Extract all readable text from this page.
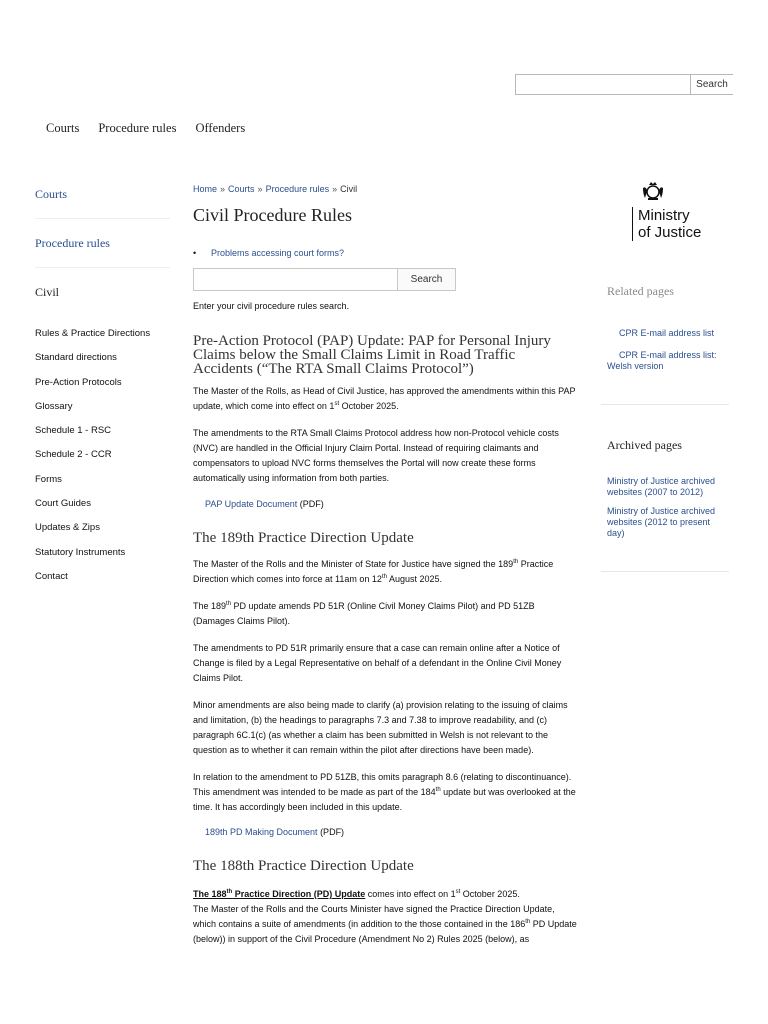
Search
Courts Procedure rules Offenders
Courts
Procedure rules
Civil
Rules & Practice Directions
Standard directions
Pre-Action Protocols
Glossary
Schedule 1 - RSC
Schedule 2 - CCR
Forms
Court Guides
Updates & Zips
Statutory Instruments
Contact
Home » Courts » Procedure rules » Civil
Civil Procedure Rules
•	Problems accessing court forms?
Search
Enter your civil procedure rules search.
Pre-Action Protocol (PAP) Update: PAP for Personal Injury Claims below the Small Claims Limit in Road Traffic Accidents (“The RTA Small Claims Protocol”)

The Master of the Rolls, as Head of Civil Justice, has approved the amendments within this PAP update, which come into effect on 1st October 2025.

The amendments to the RTA Small Claims Protocol address how non-Protocol vehicle costs (NVC) are handled in the Official Injury Claim Portal. Instead of requiring claimants and compensators to upload NVC forms themselves the Portal will now create these forms automatically using information from both parties.

PAP Update Document (PDF)

The 189th Practice Direction Update

The Master of the Rolls and the Minister of State for Justice have signed the 189th Practice Direction which comes into force at 11am on 12th August 2025.

The 189th PD update amends PD 51R (Online Civil Money Claims Pilot) and PD 51ZB (Damages Claims Pilot).

The amendments to PD 51R primarily ensure that a case can remain online after a Notice of Change is filed by a Legal Representative on behalf of a defendant in the Online Civil Money Claims Pilot.

Minor amendments are also being made to clarify (a) provision relating to the issuing of claims and limitation, (b) the headings to paragraphs 7.3 and 7.38 to improve readability, and (c) paragraph 6C.1(c) (as whether a claim has been submitted in Welsh is not relevant to the question as to whether it can remain within the pilot after directions have been made).

In relation to the amendment to PD 51ZB, this omits paragraph 8.6 (relating to discontinuance). This amendment was intended to be made as part of the 184th update but was overlooked at the time. It has accordingly been included in this update.

189th PD Making Document (PDF)

The 188th Practice Direction Update

The 188th Practice Direction (PD) Update comes into effect on 1st October 2025.
The Master of the Rolls and the Courts Minister have signed the Practice Direction Update, which contains a suite of amendments (in addition to the those contained in the 186th PD Update (below)) in support of the Civil Procedure (Amendment No 2) Rules 2025 (below), as

Ministry
of Justice
Related pages
CPR E-mail address list
CPR E-mail address list: Welsh version
Archived pages
Ministry of Justice archived websites (2007 to 2012)
Ministry of Justice archived websites (2012 to present day)
